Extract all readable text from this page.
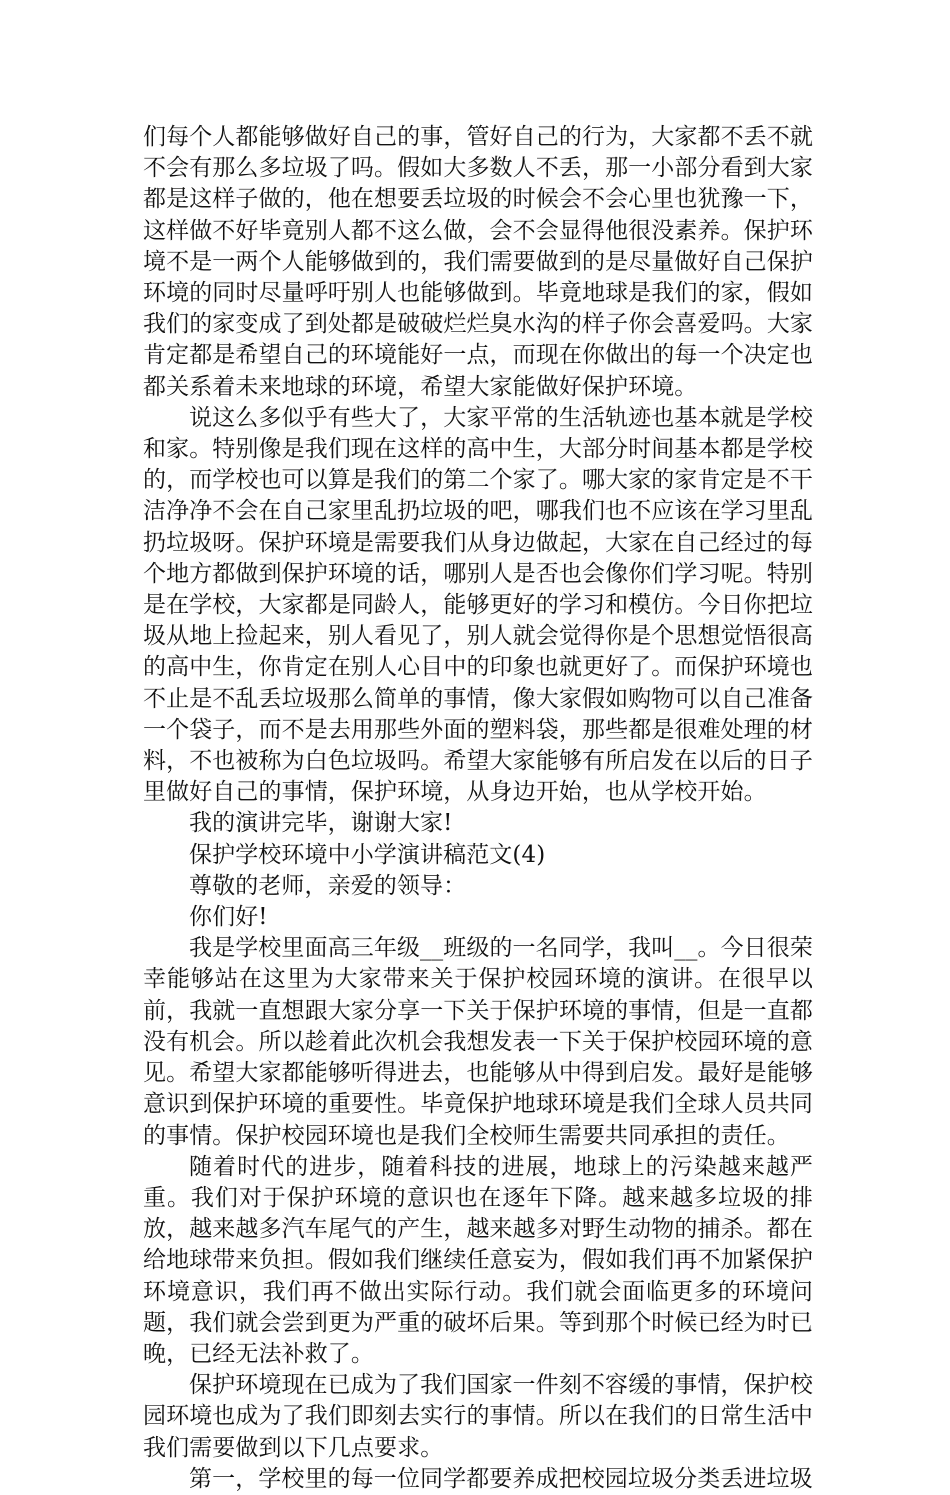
们每个人都能够做好自己的事，管好自己的行为，大家都不丢不就不会有那么多垃圾了吗。假如大多数人不丢，那一小部分看到大家都是这样子做的，他在想要丢垃圾的时候会不会心里也犹豫一下，这样做不好毕竟别人都不这么做，会不会显得他很没素养。保护环境不是一两个人能够做到的，我们需要做到的是尽量做好自己保护环境的同时尽量呼吁别人也能够做到。毕竟地球是我们的家，假如我们的家变成了到处都是破破烂烂臭水沟的样子你会喜爱吗。大家肯定都是希望自己的环境能好一点，而现在你做出的每一个决定也都关系着未来地球的环境，希望大家能做好保护环境。

说这么多似乎有些大了，大家平常的生活轨迹也基本就是学校和家。特别像是我们现在这样的高中生，大部分时间基本都是学校的，而学校也可以算是我们的第二个家了。哪大家的家肯定是不干洁净净不会在自己家里乱扔垃圾的吧，哪我们也不应该在学习里乱扔垃圾呀。保护环境是需要我们从身边做起，大家在自己经过的每个地方都做到保护环境的话，哪别人是否也会像你们学习呢。特别是在学校，大家都是同龄人，能够更好的学习和模仿。今日你把垃圾从地上捡起来，别人看见了，别人就会觉得你是个思想觉悟很高的高中生，你肯定在别人心目中的印象也就更好了。而保护环境也不止是不乱丢垃圾那么简单的事情，像大家假如购物可以自己准备一个袋子，而不是去用那些外面的塑料袋，那些都是很难处理的材料，不也被称为白色垃圾吗。希望大家能够有所启发在以后的日子里做好自己的事情，保护环境，从身边开始，也从学校开始。

我的演讲完毕，谢谢大家!

保护学校环境中小学演讲稿范文(4)

尊敬的老师，亲爱的领导：

你们好!

我是学校里面高三年级__班级的一名同学，我叫__。今日很荣幸能够站在这里为大家带来关于保护校园环境的演讲。在很早以前，我就一直想跟大家分享一下关于保护环境的事情，但是一直都没有机会。所以趁着此次机会我想发表一下关于保护校园环境的意见。希望大家都能够听得进去，也能够从中得到启发。最好是能够意识到保护环境的重要性。毕竟保护地球环境是我们全球人员共同的事情。保护校园环境也是我们全校师生需要共同承担的责任。

随着时代的进步，随着科技的进展，地球上的污染越来越严重。我们对于保护环境的意识也在逐年下降。越来越多垃圾的排放，越来越多汽车尾气的产生，越来越多对野生动物的捕杀。都在给地球带来负担。假如我们继续任意妄为，假如我们再不加紧保护环境意识，我们再不做出实际行动。我们就会面临更多的环境问题，我们就会尝到更为严重的破坏后果。等到那个时候已经为时已晚，已经无法补救了。

保护环境现在已成为了我们国家一件刻不容缓的事情，保护校园环境也成为了我们即刻去实行的事情。所以在我们的日常生活中我们需要做到以下几点要求。

第一，学校里的每一位同学都要养成把校园垃圾分类丢进垃圾
